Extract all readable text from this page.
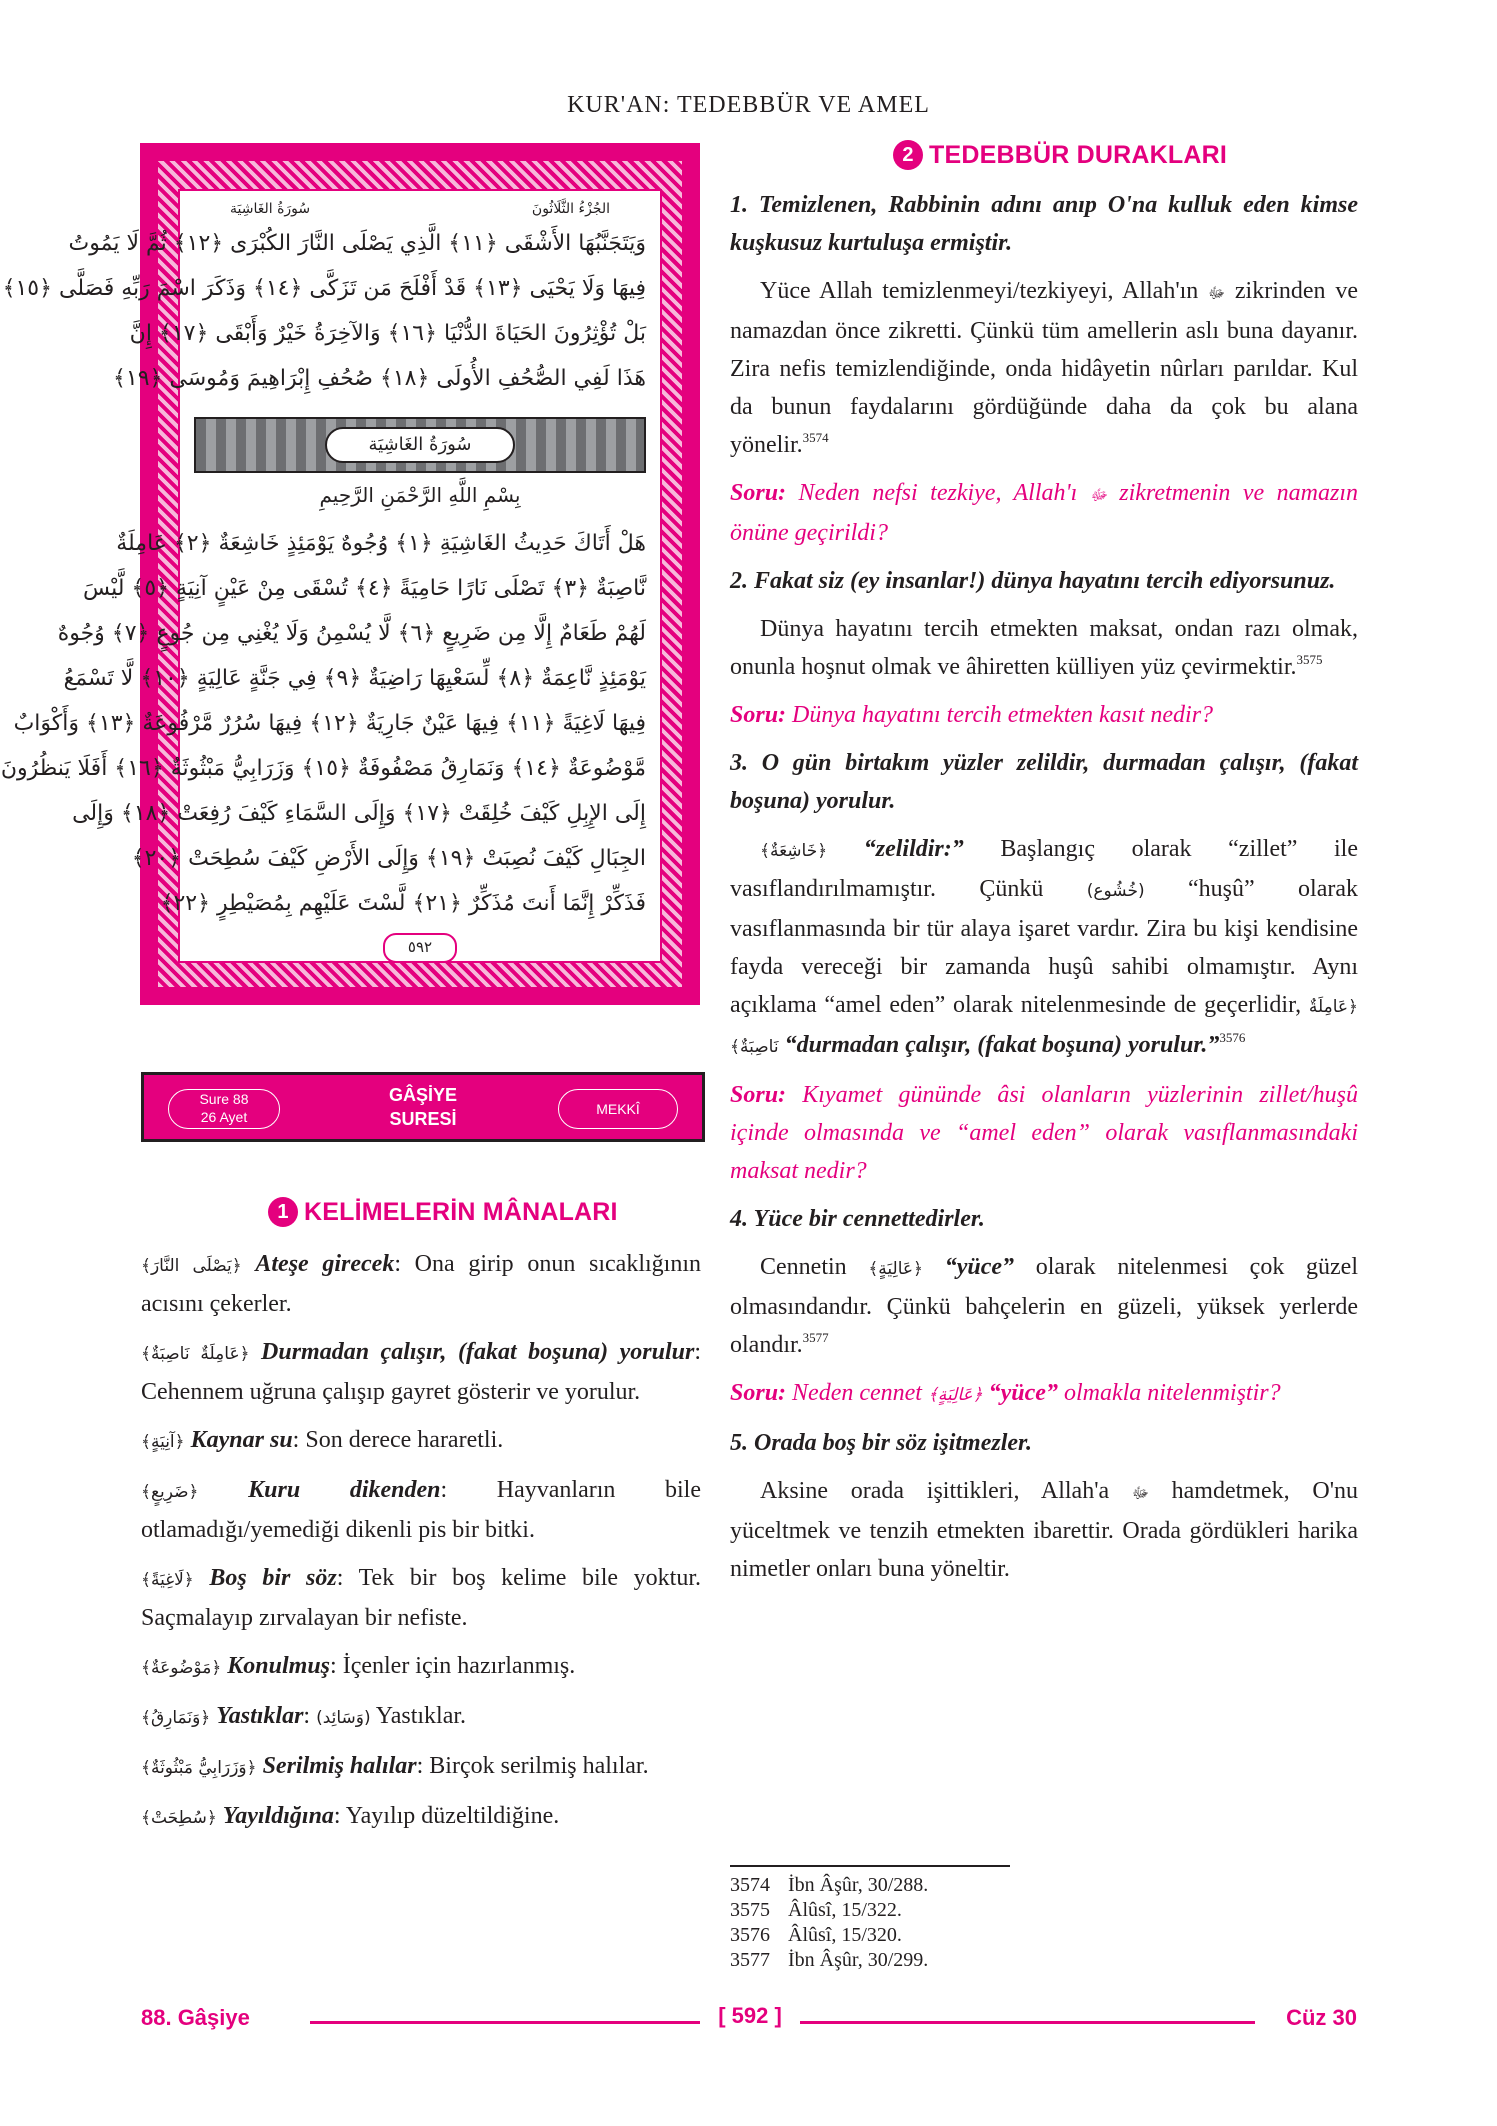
KUR'AN: TEDEBBÜR VE AMEL
سُورَةُ الغَاشِيَة	الجُزْءُ الثَّلَاثُونَ
وَيَتَجَنَّبُهَا الأَشْقَى ﴿١١﴾ الَّذِي يَصْلَى النَّارَ الكُبْرَى ﴿١٢﴾ ثُمَّ لَا يَمُوتُ
فِيهَا وَلَا يَحْيَى ﴿١٣﴾ قَدْ أَفْلَحَ مَن تَزَكَّى ﴿١٤﴾ وَذَكَرَ اسْمَ رَبِّهِ فَصَلَّى ﴿١٥﴾
بَلْ تُؤْثِرُونَ الحَيَاةَ الدُّنْيَا ﴿١٦﴾ وَالآخِرَةُ خَيْرٌ وَأَبْقَى ﴿١٧﴾ إِنَّ
هَذَا لَفِي الصُّحُفِ الأُولَى ﴿١٨﴾ صُحُفِ إِبْرَاهِيمَ وَمُوسَى ﴿١٩﴾
سُورَةُ الغَاشِيَة
بِسْمِ اللَّهِ الرَّحْمَنِ الرَّحِيمِ
هَلْ أَتَاكَ حَدِيثُ الغَاشِيَةِ ﴿١﴾ وُجُوهٌ يَوْمَئِذٍ خَاشِعَةٌ ﴿٢﴾ عَامِلَةٌ
نَّاصِبَةٌ ﴿٣﴾ تَصْلَى نَارًا حَامِيَةً ﴿٤﴾ تُسْقَى مِنْ عَيْنٍ آنِيَةٍ ﴿٥﴾ لَّيْسَ
لَهُمْ طَعَامٌ إِلَّا مِن ضَرِيعٍ ﴿٦﴾ لَّا يُسْمِنُ وَلَا يُغْنِي مِن جُوعٍ ﴿٧﴾ وُجُوهٌ
يَوْمَئِذٍ نَّاعِمَةٌ ﴿٨﴾ لِّسَعْيِهَا رَاضِيَةٌ ﴿٩﴾ فِي جَنَّةٍ عَالِيَةٍ ﴿١٠﴾ لَّا تَسْمَعُ
فِيهَا لَاغِيَةً ﴿١١﴾ فِيهَا عَيْنٌ جَارِيَةٌ ﴿١٢﴾ فِيهَا سُرُرٌ مَّرْفُوعَةٌ ﴿١٣﴾ وَأَكْوَابٌ
مَّوْضُوعَةٌ ﴿١٤﴾ وَنَمَارِقُ مَصْفُوفَةٌ ﴿١٥﴾ وَزَرَابِيُّ مَبْثُوثَةٌ ﴿١٦﴾ أَفَلَا يَنظُرُونَ
إِلَى الإِبِلِ كَيْفَ خُلِقَتْ ﴿١٧﴾ وَإِلَى السَّمَاءِ كَيْفَ رُفِعَتْ ﴿١٨﴾ وَإِلَى
الجِبَالِ كَيْفَ نُصِبَتْ ﴿١٩﴾ وَإِلَى الأَرْضِ كَيْفَ سُطِحَتْ ﴿٢٠﴾
فَذَكِّرْ إِنَّمَا أَنتَ مُذَكِّرٌ ﴿٢١﴾ لَّسْتَ عَلَيْهِم بِمُصَيْطِرٍ ﴿٢٢﴾
٥٩٢
Sure 88
26 Ayet
GÂŞİYE
SURESİ	MEKKÎ
1 KELİMELERİN MÂNALARI

﴿يَصْلَى النَّارَ﴾ Ateşe girecek: Ona girip onun sıcaklığının acısını çekerler.

﴿عَامِلَةٌ نَاصِبَةٌ﴾ Durmadan çalışır, (fakat boşuna) yorulur: Cehennem uğruna çalışıp gayret gösterir ve yorulur.

﴿آنِيَةٍ﴾ Kaynar su: Son derece hararetli.

﴿ضَرِيعٍ﴾ Kuru dikenden: Hayvanların bile otlamadığı/yemediği dikenli pis bir bitki.

﴿لَاغِيَةً﴾ Boş bir söz: Tek bir boş kelime bile yoktur. Saçmalayıp zırvalayan bir nefiste.

﴿مَوْضُوعَةٌ﴾ Konulmuş: İçenler için hazırlanmış.

﴿وَنَمَارِقُ﴾ Yastıklar: (وَسَائِد) Yastıklar.

﴿وَزَرَابِيُّ مَبْثُوثَةٌ﴾ Serilmiş halılar: Birçok serilmiş halılar.

﴿سُطِحَتْ﴾ Yayıldığına: Yayılıp düzeltildiğine.

2 TEDEBBÜR DURAKLARI

1. Temizlenen, Rabbinin adını anıp O'na kulluk eden kimse kuşkusuz kurtuluşa ermiştir.

Yüce Allah temizlenmeyi/tezkiyeyi, Allah'ın ﷻ zikrinden ve namazdan önce zikretti. Çünkü tüm amellerin aslı buna dayanır. Zira nefis temizlendiğinde, onda hidâyetin nûrları parıldar. Kul da bunun faydalarını gördüğünde daha da çok bu alana yönelir.$^{3574}$

Soru: Neden nefsi tezkiye, Allah'ı ﷻ zikretmenin ve namazın önüne geçirildi?

2. Fakat siz (ey insanlar!) dünya hayatını tercih ediyorsunuz.

Dünya hayatını tercih etmekten maksat, ondan razı olmak, onunla hoşnut olmak ve âhiretten külliyen yüz çevirmektir.$^{3575}$

Soru: Dünya hayatını tercih etmekten kasıt nedir?

3. O gün birtakım yüzler zelildir, durmadan çalışır, (fakat boşuna) yorulur.

﴿خَاشِعَةٌ﴾ “zelildir:” Başlangıç olarak “zillet” ile vasıflandırılmamıştır. Çünkü	(خُشُوع) “huşû” olarak vasıflanmasında bir tür alaya işaret vardır. Zira bu kişi kendisine fayda vereceği bir zamanda huşû sahibi olmamıştır. Aynı açıklama “amel eden” olarak nitelenmesinde de geçerlidir, ﴿عَامِلَةٌ نَاصِبَةٌ﴾ “durmadan çalışır, (fakat boşuna) yorulur.”$^{3576}$

Soru: Kıyamet gününde âsi olanların yüzlerinin zillet/huşû içinde olmasında ve “amel eden” olarak vasıflanmasındaki maksat nedir?

4. Yüce bir cennettedirler.

Cennetin ﴿عَالِيَةٍ﴾ “yüce” olarak nitelenmesi çok güzel olmasındandır. Çünkü bahçelerin en güzeli, yüksek yerlerde olandır.$^{3577}$

Soru: Neden cennet ﴿عَالِيَةٍ﴾ “yüce” olmakla nitelenmiştir?

5. Orada boş bir söz işitmezler.

Aksine orada işittikleri, Allah'a ﷻ hamdetmek, O'nu yüceltmek ve tenzih etmekten ibarettir. Orada gördükleri harika nimetler onları buna yöneltir.

3574 İbn Âşûr, 30/288.
3575 Âlûsî, 15/322.
3576 Âlûsî, 15/320.
3577 İbn Âşûr, 30/299.
88. Gâşiye	[ 592 ]	Cüz 30
